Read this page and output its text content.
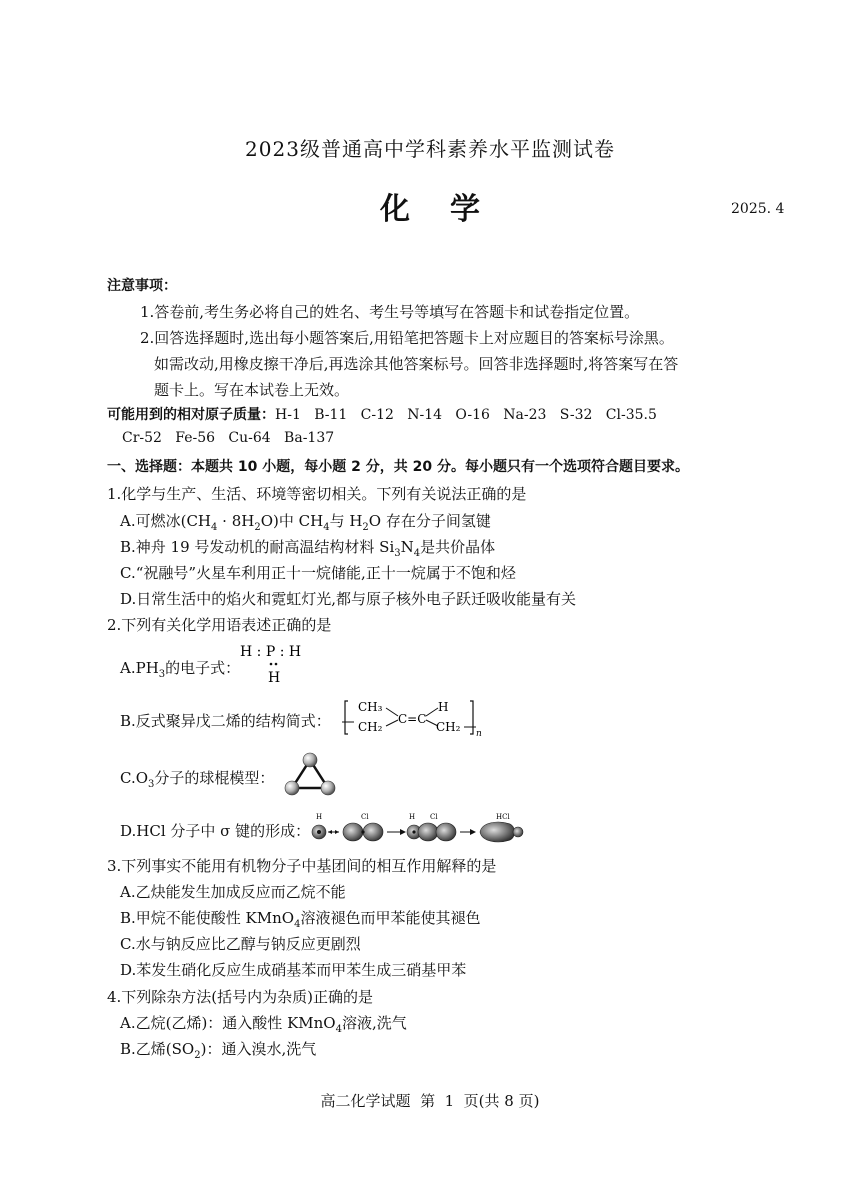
2023级普通高中学科素养水平监测试卷
化学	2025. 4
注意事项：
1.答卷前,考生务必将自己的姓名、考生号等填写在答题卡和试卷指定位置。
2.回答选择题时,选出每小题答案后,用铅笔把答题卡上对应题目的答案标号涂黑。
如需改动,用橡皮擦干净后,再选涂其他答案标号。回答非选择题时,将答案写在答
题卡上。写在本试卷上无效。
可能用到的相对原子质量：H-1   B-11   C-12   N-14   O-16   Na-23   S-32   Cl-35.5
Cr-52   Fe-56   Cu-64   Ba-137
一、选择题：本题共 10 小题，每小题 2 分，共 20 分。每小题只有一个选项符合题目要求。
1.化学与生产、生活、环境等密切相关。下列有关说法正确的是
A.可燃冰$(CH_4 \cdot 8H_2O)$中 $CH_4$与 $H_2O$ 存在分子间氢键
B.神舟 19 号发动机的耐高温结构材料 $Si_3N_4$是共价晶体
C.“祝融号”火星车利用正十一烷储能,正十一烷属于不饱和烃
D.日常生活中的焰火和霓虹灯光,都与原子核外电子跃迁吸收能量有关
2.下列有关化学用语表述正确的是
$A.PH_3$的电子式：
H : P : H
H
B.反式聚异戊二烯的结构简式：
CH₃
CH₂
C=C
H
CH₂ n
$C.O_3$分子的球棍模型：
D.HCl 分子中 σ 键的形成：
H	Cl	H Cl	HCl
3.下列事实不能用有机物分子中基团间的相互作用解释的是
A.乙炔能发生加成反应而乙烷不能
B.甲烷不能使酸性 KMnO$_4$溶液褪色而甲苯能使其褪色
C.水与钠反应比乙醇与钠反应更剧烈
D.苯发生硝化反应生成硝基苯而甲苯生成三硝基甲苯
4.下列除杂方法(括号内为杂质)正确的是
A.乙烷(乙烯)：通入酸性 KMnO$_4$溶液,洗气
B.乙烯$(SO_2)$：通入溴水,洗气
高二化学试题  第  1  页(共 8 页)
